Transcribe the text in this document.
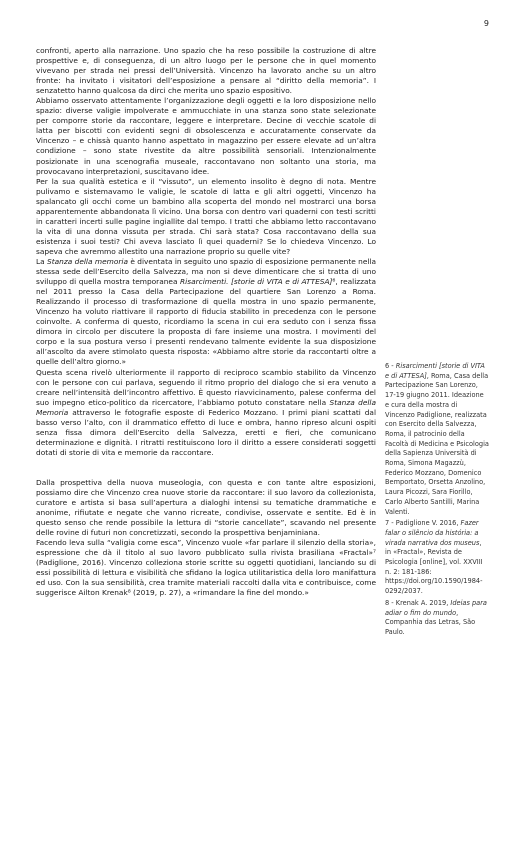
9

confronti, aperto alla narrazione. Uno spazio che ha reso possibile la costruzione di altre prospettive e, di conseguenza, di un altro luogo per le persone che in quel momento vivevano per strada nei pressi dell’Università. Vincenzo ha lavorato anche su un altro fronte: ha invitato i visitatori dell’esposizione a pensare al “diritto della memoria”. I senzatetto hanno qualcosa da dirci che merita uno spazio espositivo.

Abbiamo osservato attentamente l’organizzazione degli oggetti e la loro disposizione nello spazio: diverse valigie impolverate e ammucchiate in una stanza sono state selezionate per comporre storie da raccontare, leggere e interpretare. Decine di vecchie scatole di latta per biscotti con evidenti segni di obsolescenza e accuratamente conservate da Vincenzo – e chissà quanto hanno aspettato in magazzino per essere elevate ad un’altra condizione – sono state rivestite da altre possibilità sensoriali. Intenzionalmente posizionate in una scenografia museale, raccontavano non soltanto una storia, ma provocavano interpretazioni, suscitavano idee.

Per la sua qualità estetica e il “vissuto”, un elemento insolito è degno di nota. Mentre pulivamo e sistemavamo le valigie, le scatole di latta e gli altri oggetti, Vincenzo ha spalancato gli occhi come un bambino alla scoperta del mondo nel mostrarci una borsa apparentemente abbandonata lì vicino. Una borsa con dentro vari quaderni con testi scritti in caratteri incerti sulle pagine ingiallite dal tempo. I tratti che abbiamo letto raccontavano la vita di una donna vissuta per strada. Chi sarà stata? Cosa raccontavano della sua esistenza i suoi testi? Chi aveva lasciato lì quei quaderni? Se lo chiedeva Vincenzo. Lo sapeva che avremmo allestito una narrazione proprio su quelle vite?

La Stanza della memoria è diventata in seguito uno spazio di esposizione permanente nella stessa sede dell’Esercito della Salvezza, ma non si deve dimenticare che si tratta di uno sviluppo di quella mostra temporanea Risarcimenti. [storie di VITA e di ATTESA]⁶, realizzata nel 2011 presso la Casa della Partecipazione del quartiere San Lorenzo a Roma. Realizzando il processo di trasformazione di quella mostra in uno spazio permanente, Vincenzo ha voluto riattivare il rapporto di fiducia stabilito in precedenza con le persone coinvolte. A conferma di questo, ricordiamo la scena in cui era seduto con i senza fissa dimora in circolo per discutere la proposta di fare insieme una mostra. I movimenti del corpo e la sua postura verso i presenti rendevano talmente evidente la sua disposizione all’ascolto da avere stimolato questa risposta: «Abbiamo altre storie da raccontarti oltre a quelle dell’altro giorno.»

Questa scena rivelò ulteriormente il rapporto di reciproco scambio stabilito da Vincenzo con le persone con cui parlava, seguendo il ritmo proprio del dialogo che si era venuto a creare nell’intensità dell’incontro affettivo. È questo riavvicinamento, palese conferma del suo impegno etico-politico da ricercatore, l’abbiamo potuto constatare nella Stanza della Memoria attraverso le fotografie esposte di Federico Mozzano. I primi piani scattati dal basso verso l’alto, con il drammatico effetto di luce e ombra, hanno ripreso alcuni ospiti senza fissa dimora dell’Esercito della Salvezza, eretti e fieri, che comunicano determinazione e dignità. I ritratti restituiscono loro il diritto a essere considerati soggetti dotati di storie di vita e memorie da raccontare.

Dalla prospettiva della nuova museologia, con questa e con tante altre esposizioni, possiamo dire che Vincenzo crea nuove storie da raccontare: il suo lavoro da collezionista, curatore e artista si basa sull’apertura a dialoghi intensi su tematiche drammatiche e anonime, rifiutate e negate che vanno ricreate, condivise, osservate e sentite. Ed è in questo senso che rende possibile la lettura di “storie cancellate”, scavando nel presente delle rovine di futuri non concretizzati, secondo la prospettiva benjaminiana.

Facendo leva sulla “valigia come esca”, Vincenzo vuole «far parlare il silenzio della storia», espressione che dà il titolo al suo lavoro pubblicato sulla rivista brasiliana «Fractal»⁷ (Padiglione, 2016). Vincenzo colleziona storie scritte su oggetti quotidiani, lanciando su di essi possibilità di lettura e visibilità che sfidano la logica utilitaristica della loro manifattura ed uso. Con la sua sensibilità, crea tramite materiali raccolti dalla vita e contribuisce, come suggerisce Ailton Krenak⁸ (2019, p. 27), a «rimandare la fine del mondo.»

6 - Risarcimenti [storie di VITA e di ATTESA], Roma, Casa della Partecipazione San Lorenzo, 17-19 giugno 2011. Ideazione e cura della mostra di Vincenzo Padiglione, realizzata con Esercito della Salvezza, Roma, il patrocinio della Facoltà di Medicina e Psicologia della Sapienza Università di Roma, Simona Magazzù, Federico Mozzano, Domenico Bemportato, Orsetta Anzolino, Laura Picozzi, Sara Fiorillo, Carlo Alberto Santilli, Marina Valenti.

7 - Padiglione V. 2016, Fazer falar o silêncio da história: a virada narrativa dos museus, in «Fractal», Revista de Psicologia [online], vol. XXVIII n. 2: 181-186: https://doi.org/10.1590/1984-0292/2037.

8 - Krenak A. 2019, Ideias para adiar o fim do mundo, Companhia das Letras, São Paulo.
